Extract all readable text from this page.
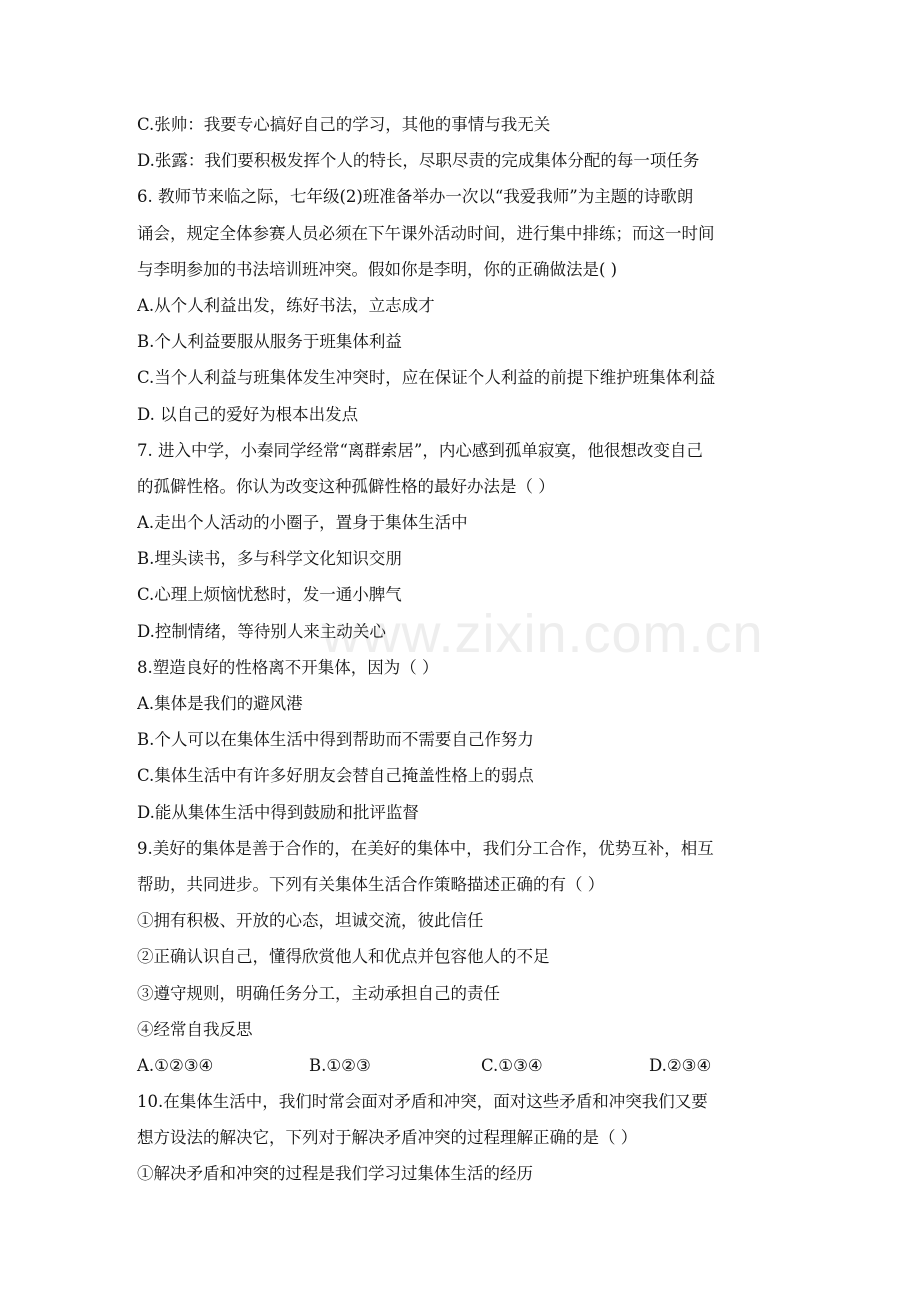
www.zixin.com.cn
C.张帅：我要专心搞好自己的学习，其他的事情与我无关
D.张露：我们要积极发挥个人的特长，尽职尽责的完成集体分配的每一项任务
6. 教师节来临之际，七年级(2)班准备举办一次以“我爱我师”为主题的诗歌朗
诵会，规定全体参赛人员必须在下午课外活动时间，进行集中排练；而这一时间
与李明参加的书法培训班冲突。假如你是李明，你的正确做法是( )
A.从个人利益出发，练好书法，立志成才
B.个人利益要服从服务于班集体利益
C.当个人利益与班集体发生冲突时，应在保证个人利益的前提下维护班集体利益
D. 以自己的爱好为根本出发点
7. 进入中学，小秦同学经常“离群索居”，内心感到孤单寂寞，他很想改变自己
的孤僻性格。你认为改变这种孤僻性格的最好办法是（ ）
A.走出个人活动的小圈子，置身于集体生活中
B.埋头读书，多与科学文化知识交朋
C.心理上烦恼忧愁时，发一通小脾气
D.控制情绪，等待别人来主动关心
8.塑造良好的性格离不开集体，因为（ ）
A.集体是我们的避风港
B.个人可以在集体生活中得到帮助而不需要自己作努力
C.集体生活中有许多好朋友会替自己掩盖性格上的弱点
D.能从集体生活中得到鼓励和批评监督
9.美好的集体是善于合作的，在美好的集体中，我们分工合作，优势互补，相互
帮助，共同进步。下列有关集体生活合作策略描述正确的有（ ）
①拥有积极、开放的心态，坦诚交流，彼此信任
②正确认识自己，懂得欣赏他人和优点并包容他人的不足
③遵守规则，明确任务分工，主动承担自己的责任
④经常自我反思
A.①②③④	B.①②③	C.①③④	D.②③④
10.在集体生活中，我们时常会面对矛盾和冲突，面对这些矛盾和冲突我们又要
想方设法的解决它，下列对于解决矛盾冲突的过程理解正确的是（ ）
①解决矛盾和冲突的过程是我们学习过集体生活的经历
